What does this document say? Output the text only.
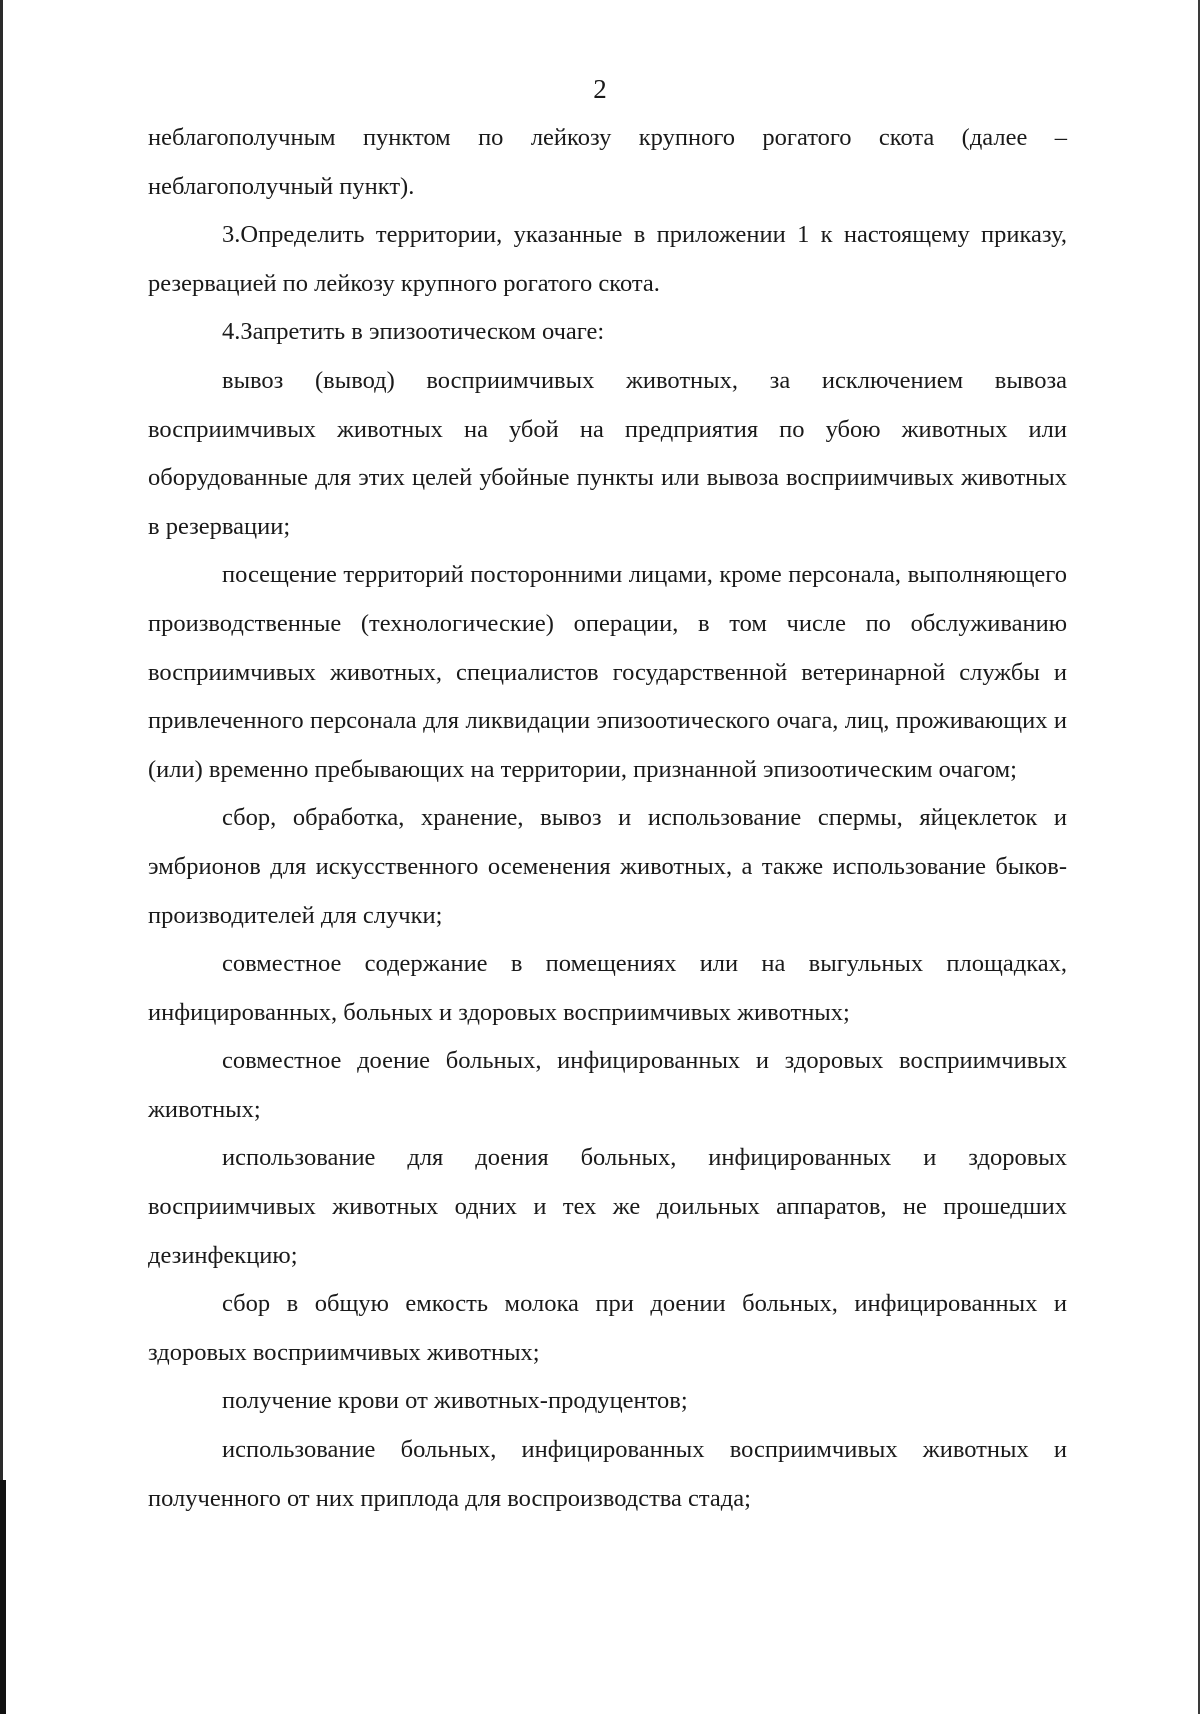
2

неблагополучным пунктом по лейкозу крупного рогатого скота (далее – неблагополучный пункт).

3.Определить территории, указанные в приложении 1 к настоящему приказу, резервацией по лейкозу крупного рогатого скота.

4.Запретить в эпизоотическом очаге:

вывоз (вывод) восприимчивых животных, за исключением вывоза восприимчивых животных на убой на предприятия по убою животных или оборудованные для этих целей убойные пункты или вывоза восприимчивых животных в резервации;

посещение территорий посторонними лицами, кроме персонала, выполняющего производственные (технологические) операции, в том числе по обслуживанию восприимчивых животных, специалистов государственной ветеринарной службы и привлеченного персонала для ликвидации эпизоотического очага, лиц, проживающих и (или) временно пребывающих на территории, признанной эпизоотическим очагом;

сбор, обработка, хранение, вывоз и использование спермы, яйцеклеток и эмбрионов для искусственного осеменения животных, а также использование быков-производителей для случки;

совместное содержание в помещениях или на выгульных площадках, инфицированных, больных и здоровых восприимчивых животных;

совместное доение больных, инфицированных и здоровых восприимчивых животных;

использование для доения больных, инфицированных и здоровых восприимчивых животных одних и тех же доильных аппаратов, не прошедших дезинфекцию;

сбор в общую емкость молока при доении больных, инфицированных и здоровых восприимчивых животных;

получение крови от животных-продуцентов;

использование больных, инфицированных восприимчивых животных и полученного от них приплода для воспроизводства стада;
